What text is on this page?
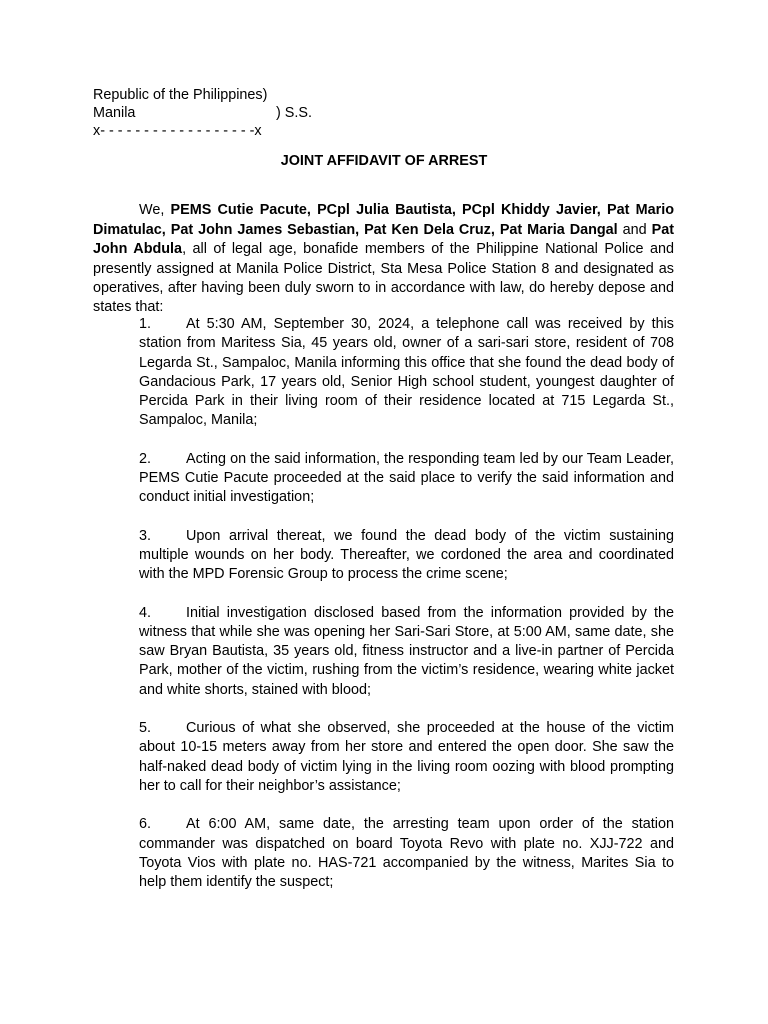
Republic of the Philippines)
Manila	) S.S.
x- - - - - - - - - - - - - - - - - -x
JOINT AFFIDAVIT OF ARREST

We, PEMS Cutie Pacute, PCpl Julia Bautista, PCpl Khiddy Javier, Pat Mario Dimatulac, Pat John James Sebastian, Pat Ken Dela Cruz, Pat Maria Dangal and Pat John Abdula, all of legal age, bonafide members of the Philippine National Police and presently assigned at Manila Police District, Sta Mesa Police Station 8 and designated as operatives, after having been duly sworn to in accordance with law, do hereby depose and states that:

1. At 5:30 AM, September 30, 2024, a telephone call was received by this station from Maritess Sia, 45 years old, owner of a sari-sari store, resident of 708 Legarda St., Sampaloc, Manila informing this office that she found the dead body of Gandacious Park, 17 years old, Senior High school student, youngest daughter of Percida Park in their living room of their residence located at 715 Legarda St., Sampaloc, Manila;

2. Acting on the said information, the responding team led by our Team Leader, PEMS Cutie Pacute proceeded at the said place to verify the said information and conduct initial investigation;

3. Upon arrival thereat, we found the dead body of the victim sustaining multiple wounds on her body. Thereafter, we cordoned the area and coordinated with the MPD Forensic Group to process the crime scene;

4. Initial investigation disclosed based from the information provided by the witness that while she was opening her Sari-Sari Store, at 5:00 AM, same date, she saw Bryan Bautista, 35 years old, fitness instructor and a live-in partner of Percida Park, mother of the victim, rushing from the victim’s residence, wearing white jacket and white shorts, stained with blood;

5. Curious of what she observed, she proceeded at the house of the victim about 10-15 meters away from her store and entered the open door. She saw the half-naked dead body of victim lying in the living room oozing with blood prompting her to call for their neighbor’s assistance;

6. At 6:00 AM, same date, the arresting team upon order of the station commander was dispatched on board Toyota Revo with plate no. XJJ-722 and Toyota Vios with plate no. HAS-721 accompanied by the witness, Marites Sia to help them identify the suspect;
